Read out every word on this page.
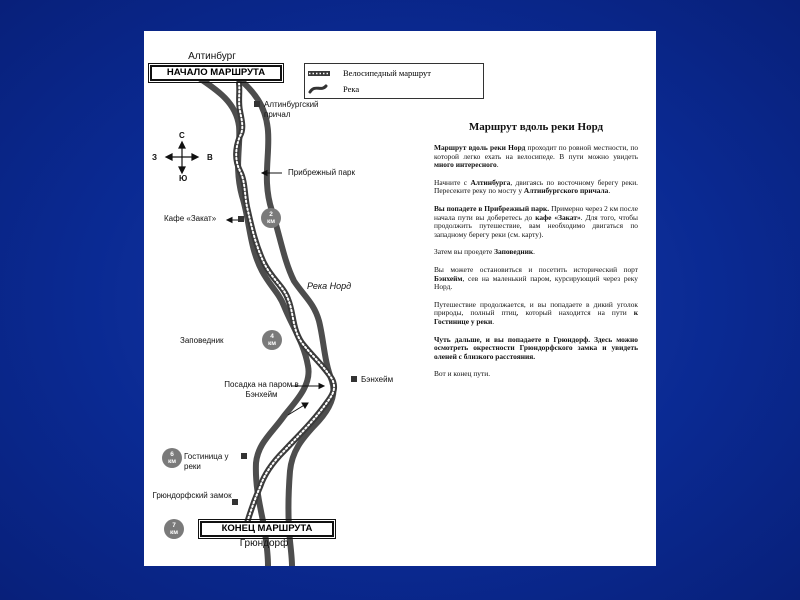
Алтинбург
НАЧАЛО МАРШРУТА	Велосипедный маршрут
Река
С
Ю
З	В
Алтинбургский причал
Прибрежный парк
Кафе «Закат»
Река Норд
Заповедник
Посадка на паром в Бэнхейм
Бэнхейм
Гостиница у реки
Грюндорфский замок
2
км
4
км
6
км
7
км	КОНЕЦ МАРШРУТА
Грюндорф
Маршрут вдоль реки Норд

Маршрут вдоль реки Норд проходит по ровной местности, по которой легко ехать на велосипеде. В пути можно увидеть много интересного.

Начните с Алтинбурга, двигаясь по восточному берегу реки. Пересеките реку по мосту у Алтинбургского причала.

Вы попадете в Прибрежный парк. Примерно через 2 км после начала пути вы доберетесь до кафе «Закат». Для того, чтобы продолжить путешествие, вам необходимо двигаться по западному берегу реки (см. карту).

Затем вы проедете Заповедник.

Вы можете остановиться и посетить исторический порт Бэнхейм, сев на маленький паром, курсирующий через реку Норд.

Путешествие продолжается, и вы попадаете в дикий уголок природы, полный птиц, который находится на пути к Гостинице у реки.

Чуть дальше, и вы попадаете в Грюндорф. Здесь можно осмотреть окрестности Грюндорфского замка и увидеть оленей с близкого расстояния.

Вот и конец пути.
